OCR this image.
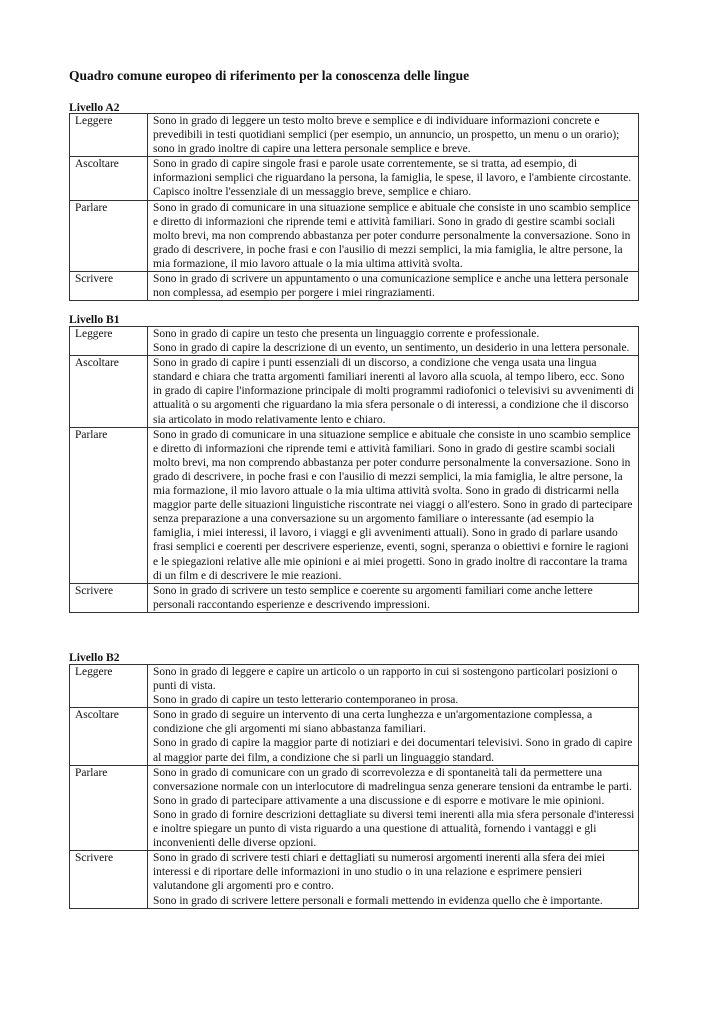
Quadro comune europeo di riferimento per la conoscenza delle lingue
Livello A2
Leggere	Sono in grado di leggere un testo molto breve e semplice e di individuare informazioni concrete e prevedibili in testi quotidiani semplici (per esempio, un annuncio, un prospetto, un menu o un orario); sono in grado inoltre di capire una lettera personale semplice e breve.

Ascoltare	Sono in grado di capire singole frasi e parole usate correntemente, se si tratta, ad esempio, di informazioni semplici che riguardano la persona, la famiglia, le spese, il lavoro, e l'ambiente circostante. Capisco inoltre l'essenziale di un messaggio breve, semplice e chiaro.

Parlare	Sono in grado di comunicare in una situazione semplice e abituale che consiste in uno scambio semplice e diretto di informazioni che riprende temi e attività familiari. Sono in grado di gestire scambi sociali molto brevi, ma non comprendo abbastanza per poter condurre personalmente la conversazione. Sono in grado di descrivere, in poche frasi e con l'ausilio di mezzi semplici, la mia famiglia, le altre persone, la mia formazione, il mio lavoro attuale o la mia ultima attività svolta.

Scrivere	Sono in grado di scrivere un appuntamento o una comunicazione semplice e anche una lettera personale non complessa, ad esempio per porgere i miei ringraziamenti.
Livello B1
Leggere	Sono in grado di capire un testo che presenta un linguaggio corrente e professionale.
Sono in grado di capire la descrizione di un evento, un sentimento, un desiderio in una lettera personale.

Ascoltare	Sono in grado di capire i punti essenziali di un discorso, a condizione che venga usata una lingua standard e chiara che tratta argomenti familiari inerenti al lavoro alla scuola, al tempo libero, ecc. Sono in grado di capire l'informazione principale di molti programmi radiofonici o televisivi su avvenimenti di attualità o su argomenti che riguardano la mia sfera personale o di interessi, a condizione che il discorso sia articolato in modo relativamente lento e chiaro.

Parlare	Sono in grado di comunicare in una situazione semplice e abituale che consiste in uno scambio semplice e diretto di informazioni che riprende temi e attività familiari. Sono in grado di gestire scambi sociali molto brevi, ma non comprendo abbastanza per poter condurre personalmente la conversazione. Sono in grado di descrivere, in poche frasi e con l'ausilio di mezzi semplici, la mia famiglia, le altre persone, la mia formazione, il mio lavoro attuale o la mia ultima attività svolta. Sono in grado di districarmi nella maggior parte delle situazioni linguistiche riscontrate nei viaggi o all'estero. Sono in grado di partecipare senza preparazione a una conversazione su un argomento familiare o interessante (ad esempio la famiglia, i miei interessi, il lavoro, i viaggi e gli avvenimenti attuali). Sono in grado di parlare usando frasi semplici e coerenti per descrivere esperienze, eventi, sogni, speranza o obiettivi e fornire le ragioni e le spiegazioni relative alle mie opinioni e ai miei progetti. Sono in grado inoltre di raccontare la trama di un film e di descrivere le mie reazioni.

Scrivere	Sono in grado di scrivere un testo semplice e coerente su argomenti familiari come anche lettere personali raccontando esperienze e descrivendo impressioni.
Livello B2
Leggere	Sono in grado di leggere e capire un articolo o un rapporto in cui si sostengono particolari posizioni o punti di vista.
Sono in grado di capire un testo letterario contemporaneo in prosa.

Ascoltare	Sono in grado di seguire un intervento di una certa lunghezza e un'argomentazione complessa, a condizione che gli argomenti mi siano abbastanza familiari.
Sono in grado di capire la maggior parte di notiziari e dei documentari televisivi. Sono in grado di capire al maggior parte dei film, a condizione che si parli un linguaggio standard.

Parlare	Sono in grado di comunicare con un grado di scorrevolezza e di spontaneità tali da permettere una conversazione normale con un interlocutore di madrelingua senza generare tensioni da entrambe le parti. Sono in grado di partecipare attivamente a una discussione e di esporre e motivare le mie opinioni.
Sono in grado di fornire descrizioni dettagliate su diversi temi inerenti alla mia sfera personale d'interessi e inoltre spiegare un punto di vista riguardo a una questione di attualità, fornendo i vantaggi e gli inconvenienti delle diverse opzioni.

Scrivere	Sono in grado di scrivere testi chiari e dettagliati su numerosi argomenti inerenti alla sfera dei miei interessi e di riportare delle informazioni in uno studio o in una relazione e esprimere pensieri valutandone gli argomenti pro e contro.
Sono in grado di scrivere lettere personali e formali mettendo in evidenza quello che è importante.
